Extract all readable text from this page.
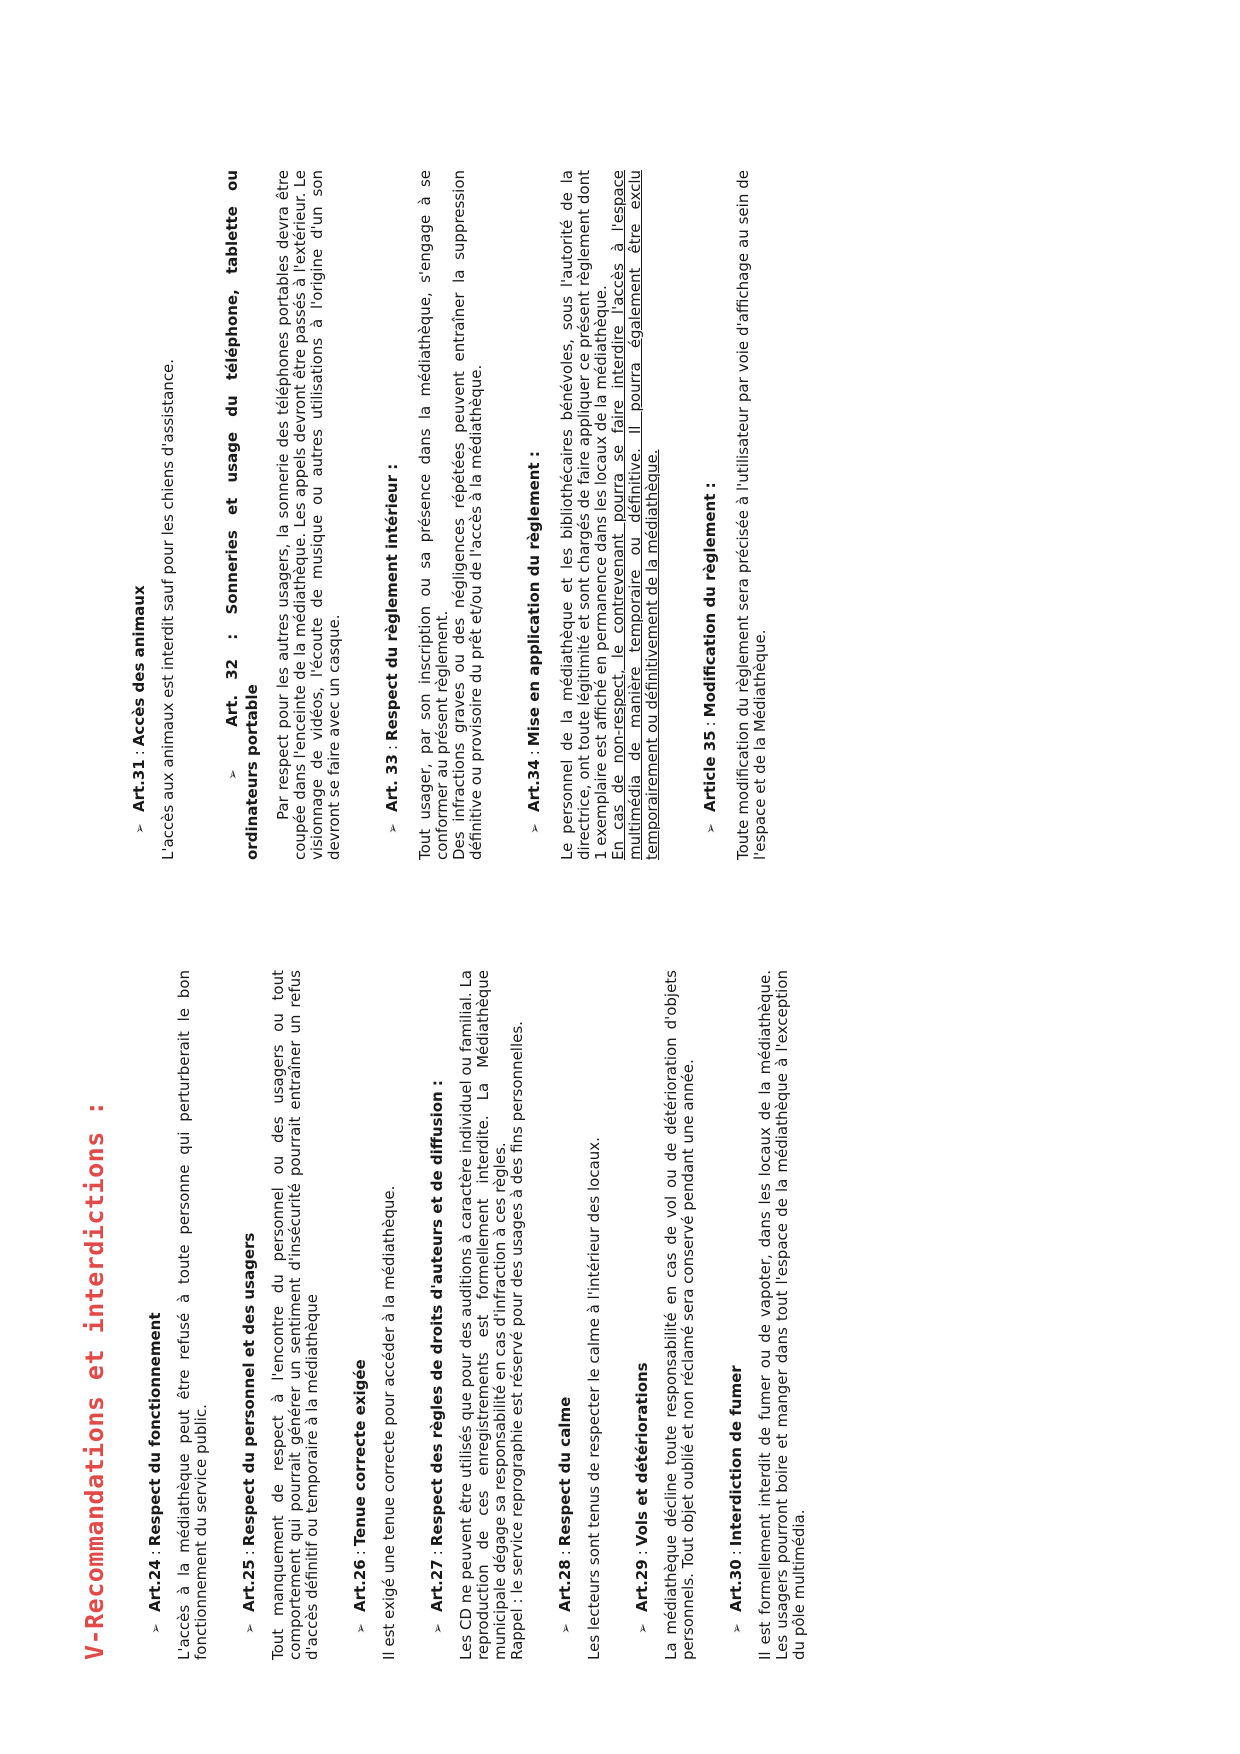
V-Recommandations et interdictions :	➢
Art.24
:
Respect du fonctionnement L'accès à la médiathèque peut être refusé à toute personne qui perturberait le bon fonctionnement du service public.	➢
Art.25
:
Respect du personnel et des usagers Tout manquement de respect à l'encontre du personnel ou des usagers ou tout comportement qui pourrait générer un sentiment d'insécurité pourrait entraîner un refus d'accès définitif ou temporaire à la médiathèque	➢
Art.26
:
Tenue correcte exigée Il est exigé une tenue correcte pour accéder à la médiathèque.	➢
Art.27
:
Respect des règles de droits d'auteurs et de diffusion : Les CD ne peuvent être utilisés que pour des auditions à caractère individuel ou familial. La reproduction de ces enregistrements est formellement interdite. La Médiathèque municipale dégage sa responsabilité en cas d'infraction à ces règles. Rappel : le service reprographie est réservé pour des usages à des fins personnelles.	➢
Art.28
:
Respect du calme Les lecteurs sont tenus de respecter le calme à l'intérieur des locaux.	➢
Art.29
:
Vols et détériorations La médiathèque décline toute responsabilité en cas de vol ou de détérioration d'objets personnels. Tout objet oublié et non réclamé sera conservé pendant une année.	➢
Art.30
:
Interdiction de fumer Il est formellement interdit de fumer ou de vapoter, dans les locaux de la médiathèque. Les usagers pourront boire et manger dans tout l'espace de la médiathèque à l'exception du pôle multimédia.

➢
Art.31
:
Accès des animaux L'accès aux animaux est interdit sauf pour les chiens d'assistance.	➢ Art. 32 : Sonneries et usage du téléphone, tablette ou ordinateurs portable Par respect pour les autres usagers, la sonnerie des téléphones portables devra être coupée dans l'enceinte de la médiathèque. Les appels devront être passés à l'extérieur. Le visionnage de vidéos, l'écoute de musique ou autres utilisations à l'origine d'un son devront se faire avec un casque.	➢
Art. 33
:
Respect du règlement intérieur : Tout usager, par son inscription ou sa présence dans la médiathèque, s'engage à se conformer au présent règlement. Des infractions graves ou des négligences répétées peuvent entraîner la suppression définitive ou provisoire du prêt et/ou de l'accès à la médiathèque.	➢
Art.34
:
Mise en application du règlement : Le personnel de la médiathèque et les bibliothécaires bénévoles, sous l'autorité de la directrice, ont toute légitimité et sont chargés de faire appliquer ce présent règlement dont 1 exemplaire est affiché en permanence dans les locaux de la médiathèque. En cas de non-respect, le contrevenant pourra se faire interdire l'accès à l'espace multimédia de manière temporaire ou définitive. Il pourra également être exclu temporairement ou définitivement de la médiathèque.	➢
Article 35
:
Modification du règlement : Toute modification du règlement sera précisée à l'utilisateur par voie d'affichage au sein de l'espace et de la Médiathèque.
